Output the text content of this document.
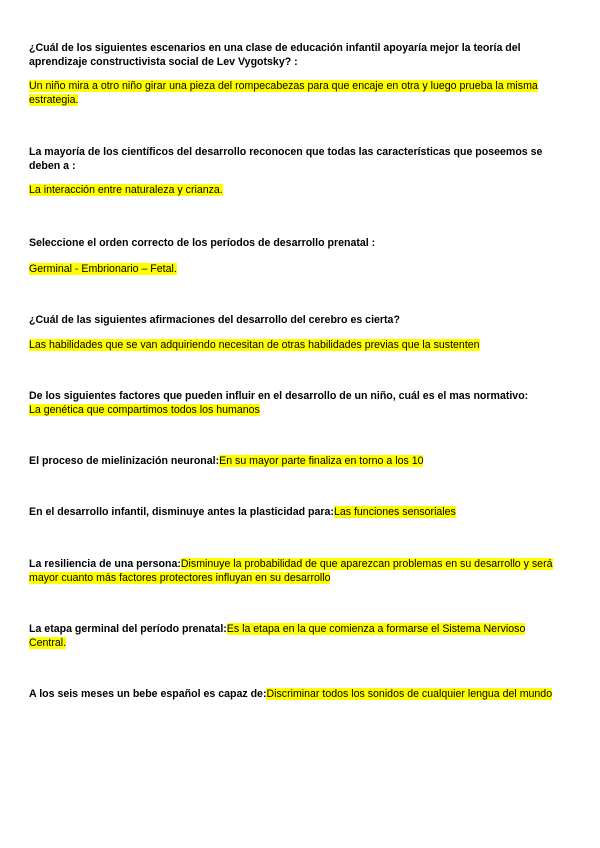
¿Cuál de los siguientes escenarios en una clase de educación infantil apoyaría mejor la teoría del aprendizaje constructivista social de Lev Vygotsky? :
Un niño mira a otro niño girar una pieza del rompecabezas para que encaje en otra y luego prueba la misma estrategia.
La mayoría de los científicos del desarrollo reconocen que todas las características que poseemos se deben a :
La interacción entre naturaleza y crianza.
Seleccione el orden correcto de los períodos de desarrollo prenatal :
Germinal - Embrionario – Fetal.
¿Cuál de las siguientes afirmaciones del desarrollo del cerebro es cierta?
Las habilidades que se van adquiriendo necesitan de otras habilidades previas que la sustenten
De los siguientes factores que pueden influir en el desarrollo de un niño, cuál es el mas normativo:
La genética que compartimos todos los humanos
El proceso de mielinización neuronal:En su mayor parte finaliza en torno a los 10
En el desarrollo infantil, disminuye antes la plasticidad para:Las funciones sensoriales
La resiliencia de una persona:Disminuye la probabilidad de que aparezcan problemas en su desarrollo y será mayor cuanto más factores protectores influyan en su desarrollo
La etapa germinal del período prenatal:Es la etapa en la que comienza a formarse el Sistema Nervioso Central.
A los seis meses un bebe español es capaz de:Discriminar todos los sonidos de cualquier lengua del mundo
